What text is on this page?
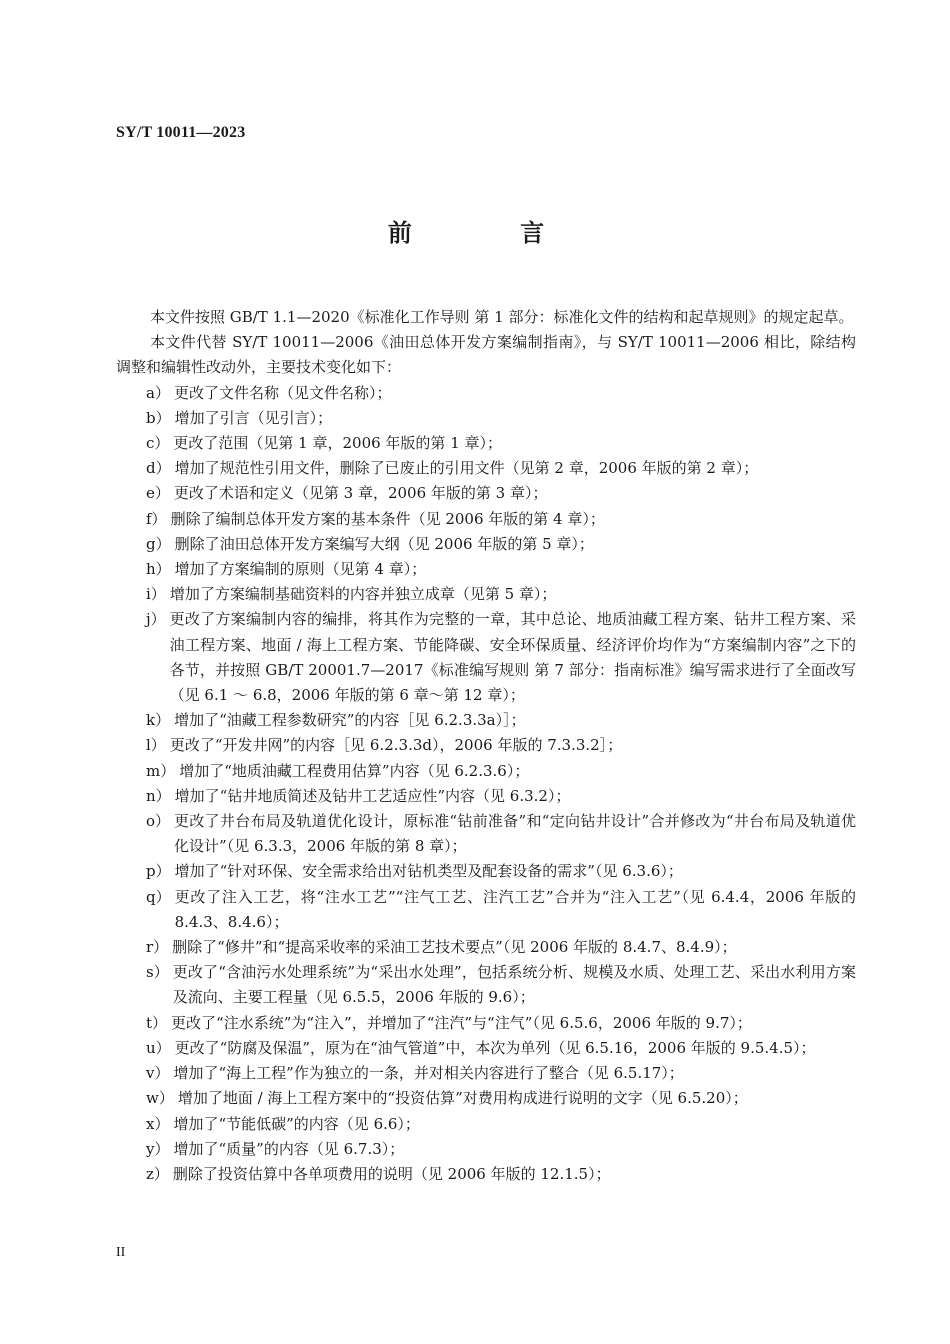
SY/T 10011—2023
前 言

本文件按照 GB/T 1.1—2020《标准化工作导则 第 1 部分：标准化文件的结构和起草规则》的规定起草。

本文件代替 SY/T 10011—2006《油田总体开发方案编制指南》，与 SY/T 10011—2006 相比，除结构调整和编辑性改动外，主要技术变化如下：

a） 更改了文件名称（见文件名称）；
b） 增加了引言（见引言）；
c） 更改了范围（见第 1 章，2006 年版的第 1 章）；
d） 增加了规范性引用文件，删除了已废止的引用文件（见第 2 章，2006 年版的第 2 章）；
e） 更改了术语和定义（见第 3 章，2006 年版的第 3 章）；
f） 删除了编制总体开发方案的基本条件（见 2006 年版的第 4 章）；
g） 删除了油田总体开发方案编写大纲（见 2006 年版的第 5 章）；
h） 增加了方案编制的原则（见第 4 章）；
i） 增加了方案编制基础资料的内容并独立成章（见第 5 章）；
j） 更改了方案编制内容的编排，将其作为完整的一章，其中总论、地质油藏工程方案、钻井工程方案、采油工程方案、地面 / 海上工程方案、节能降碳、安全环保质量、经济评价均作为“方案编制内容”之下的各节，并按照 GB/T 20001.7—2017《标准编写规则 第 7 部分：指南标准》编写需求进行了全面改写（见 6.1 ～ 6.8，2006 年版的第 6 章～第 12 章）；
k） 增加了“油藏工程参数研究”的内容［见 6.2.3.3a）］；
l） 更改了“开发井网”的内容［见 6.2.3.3d），2006 年版的 7.3.3.2］；
m） 增加了“地质油藏工程费用估算”内容（见 6.2.3.6）；
n） 增加了“钻井地质简述及钻井工艺适应性”内容（见 6.3.2）；
o） 更改了井台布局及轨道优化设计，原标准“钻前准备”和“定向钻井设计”合并修改为“井台布局及轨道优化设计”（见 6.3.3，2006 年版的第 8 章）；
p） 增加了“针对环保、安全需求给出对钻机类型及配套设备的需求”（见 6.3.6）；
q） 更改了注入工艺，将“注水工艺”“注气工艺、注汽工艺”合并为“注入工艺”（见 6.4.4，2006 年版的 8.4.3、8.4.6）；
r） 删除了“修井”和“提高采收率的采油工艺技术要点”（见 2006 年版的 8.4.7、8.4.9）；
s） 更改了“含油污水处理系统”为“采出水处理”，包括系统分析、规模及水质、处理工艺、采出水利用方案及流向、主要工程量（见 6.5.5，2006 年版的 9.6）；
t） 更改了“注水系统”为“注入”，并增加了“注汽”与“注气”（见 6.5.6，2006 年版的 9.7）；
u） 更改了“防腐及保温”，原为在“油气管道”中，本次为单列（见 6.5.16，2006 年版的 9.5.4.5）；
v） 增加了“海上工程”作为独立的一条，并对相关内容进行了整合（见 6.5.17）；
w） 增加了地面 / 海上工程方案中的“投资估算”对费用构成进行说明的文字（见 6.5.20）；
x） 增加了“节能低碳”的内容（见 6.6）；
y） 增加了“质量”的内容（见 6.7.3）；
z） 删除了投资估算中各单项费用的说明（见 2006 年版的 12.1.5）；
II
